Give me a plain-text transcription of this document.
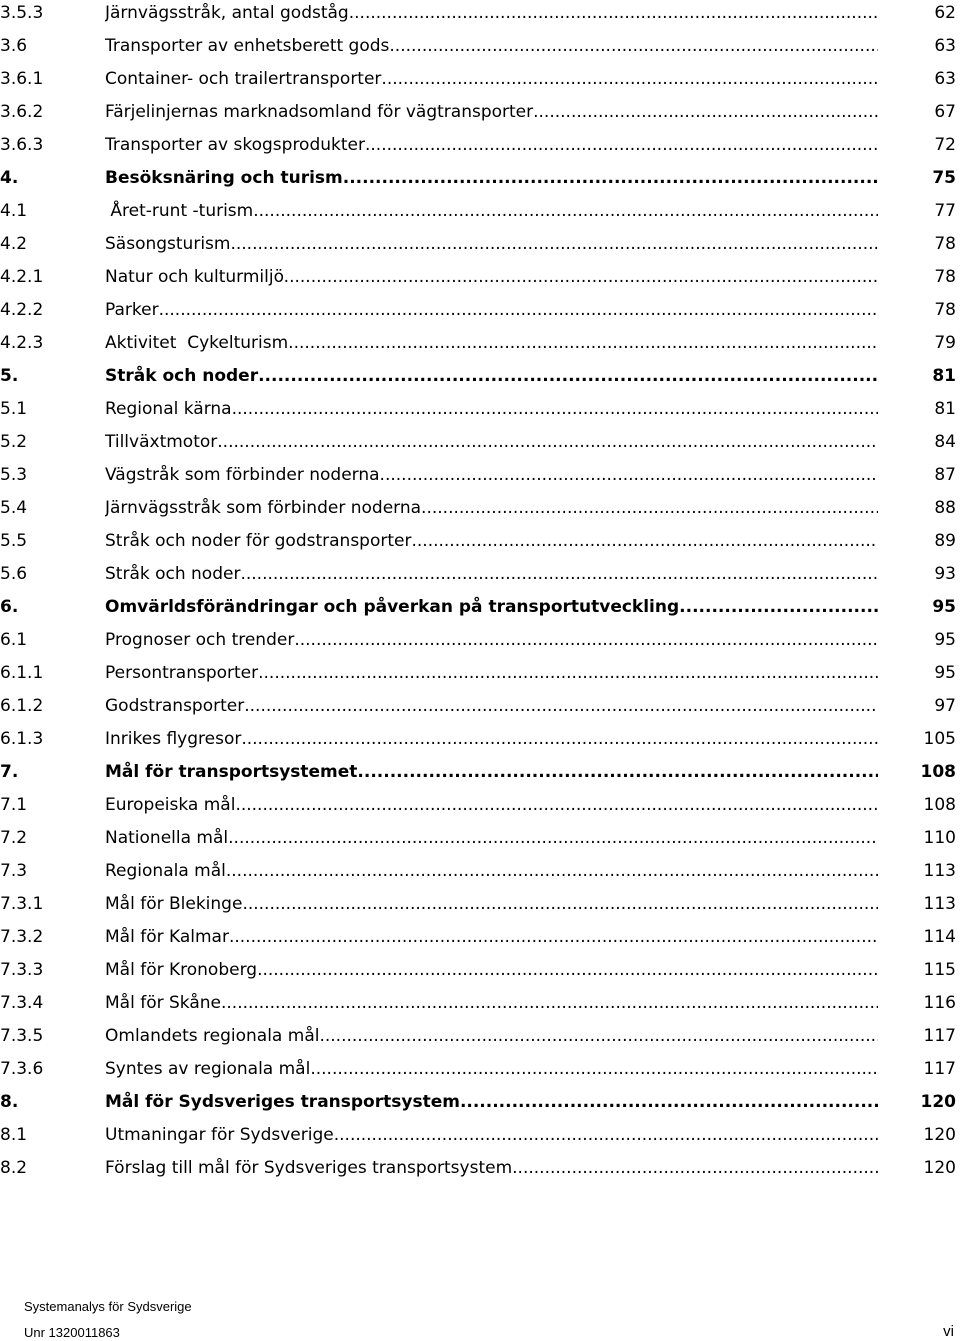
3.5.3	Järnvägsstråk, antal godståg .....	62
3.6	Transporter av enhetsberett gods .....	63
3.6.1	Container- och trailertransporter .....	63
3.6.2	Färjelinjernas marknadsomland för vägtransporter .....	67
3.6.3	Transporter av skogsprodukter .....	72
4.	Besöksnäring och turism .....	75
4.1	Året-runt -turism .....	77
4.2	Säsongsturism .....	78
4.2.1	Natur och kulturmiljö. .....	78
4.2.2	Parker .....	78
4.2.3	Aktivitet  Cykelturism .....	79
5.	Stråk och noder .....	81
5.1	Regional kärna .....	81
5.2	Tillväxtmotor .....	84
5.3	Vägstråk som förbinder noderna .....	87
5.4	Järnvägsstråk som förbinder noderna .....	88
5.5	Stråk och noder för godstransporter .....	89
5.6	Stråk och noder .....	93
6.	Omvärldsförändringar och påverkan på transportutveckling .....	95
6.1	Prognoser och trender .....	95
6.1.1	Persontransporter .....	95
6.1.2	Godstransporter .....	97
6.1.3	Inrikes flygresor .....	105
7.	Mål för transportsystemet .....	108
7.1	Europeiska mål .....	108
7.2	Nationella mål .....	110
7.3	Regionala mål .....	113
7.3.1	Mål för Blekinge .....	113
7.3.2	Mål för Kalmar .....	114
7.3.3	Mål för Kronoberg .....	115
7.3.4	Mål för Skåne .....	116
7.3.5	Omlandets regionala mål .....	117
7.3.6	Syntes av regionala mål .....	117
8.	Mål för Sydsveriges transportsystem .....	120
8.1	Utmaningar för Sydsverige .....	120
8.2	Förslag till mål för Sydsveriges transportsystem .....	120
Systemanalys för Sydsverige
Unr 1320011863	vi
